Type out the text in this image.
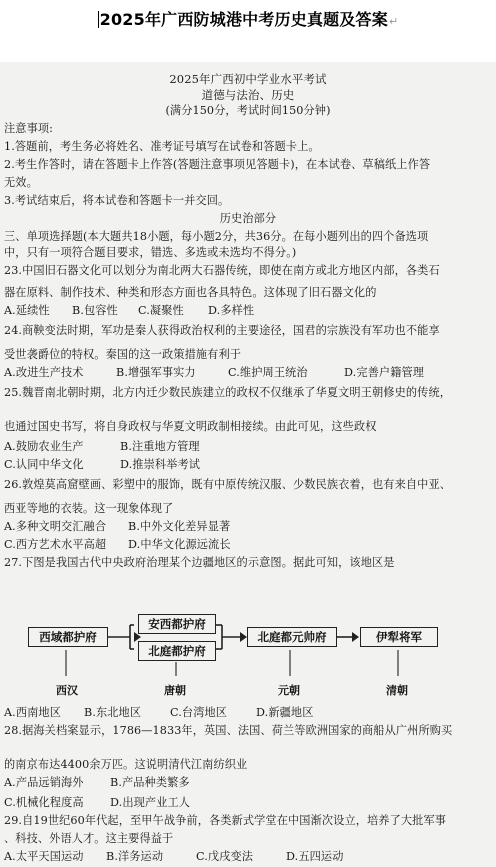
2025年广西防城港中考历史真题及答案↵
2025年广西初中学业水平考试
道德与法治、历史
(满分150分，考试时间150分钟)
注意事项:
1.答题前，考生务必将姓名、准考证号填写在试卷和答题卡上。
2.考生作答时，请在答题卡上作答(答题注意事项见答题卡)，在本试卷、草稿纸上作答
无效。
3.考试结束后，将本试卷和答题卡一并交回。
历史治部分
三、单项选择题(本大题共18小题，每小题2分，共36分。在每小题列出的四个备选项
中，只有一项符合题目要求，错选、多选或未选均不得分。)
23.中国旧石器文化可以划分为南北两大石器传统，即使在南方或北方地区内部，各类石
器在原料、制作技术、种类和形态方面也各具特色。这体现了旧石器文化的
A.延续性 B.包容性 C.凝聚性 D.多样性
24.商鞅变法时期，军功是秦人获得政治权利的主要途径，国君的宗族没有军功也不能享
受世袭爵位的特权。秦国的这一政策措施有利于
A.改进生产技术	B.增强军事实力	C.维护周王统治	D.完善户籍管理
25.魏晋南北朝时期，北方内迁少数民族建立的政权不仅继承了华夏文明王朝修史的传统，
也通过国史书写，将自身政权与华夏文明政制相接续。由此可见，这些政权
A.鼓励农业生产	B.注重地方管理
C.认同中华文化	D.推崇科举考试
26.敦煌莫高窟壁画、彩塑中的服饰，既有中原传统汉服、少数民族衣着，也有来自中亚、
西亚等地的衣装。这一现象体现了
A.多种文明交汇融合 B.中外文化差异显著
C.西方艺术水平高超 D.中华文化源远流长
27.下图是我国古代中央政府治理某个边疆地区的示意图。据此可知，该地区是
西域都护府
安西都护府
北庭都护府
北庭都元帅府	伊犁将军
西汉	唐朝	元朝	清朝
A.西南地区 B.东北地区	C.台湾地区	D.新疆地区
28.据海关档案显示，1786—1833年，英国、法国、荷兰等欧洲国家的商船从广州所购买
的南京布达4400余万匹。这说明清代江南纺织业
A.产品远销海外 B.产品种类繁多
C.机械化程度高 D.出现产业工人
29.自19世纪60年代起，至甲午战争前，各类新式学堂在中国渐次设立，培养了大批军事
、科技、外语人才。这主要得益于
A.太平天国运动 B.洋务运动	C.戊戌变法	D.五四运动
